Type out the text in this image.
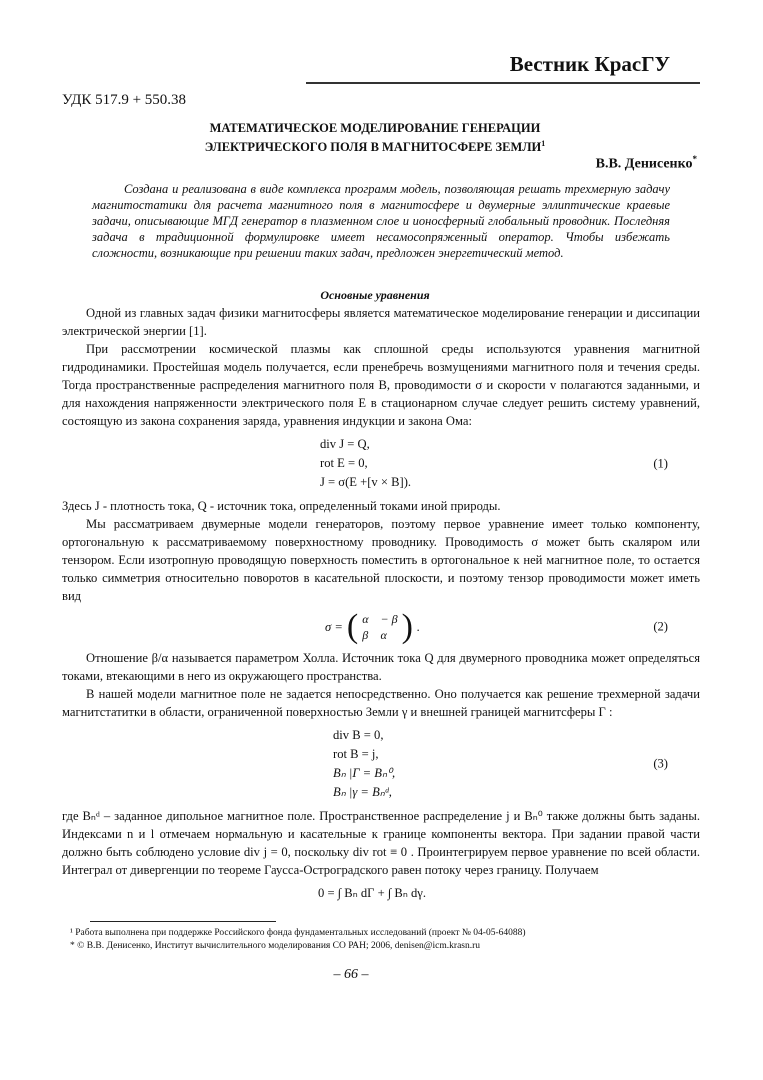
Вестник КрасГУ
УДК 517.9 + 550.38
МАТЕМАТИЧЕСКОЕ МОДЕЛИРОВАНИЕ ГЕНЕРАЦИИ
ЭЛЕКТРИЧЕСКОГО ПОЛЯ В МАГНИТОСФЕРЕ ЗЕМЛИ$^1$
В.В. Денисенко*
Создана и реализована в виде комплекса программ модель, позволяющая решать трехмерную задачу магнитостатики для расчета магнитного поля в магнитосфере и двумерные эллиптические краевые задачи, описывающие МГД генератор в плазменном слое и ионосферный глобальный проводник. Последняя задача в традиционной формулировке имеет несамосопряженный оператор. Чтобы избежать сложности, возникающие при решении таких задач, предложен энергетический метод.
Основные уравнения

Одной из главных задач физики магнитосферы является математическое моделирование генерации и диссипации электрической энергии [1].

При рассмотрении космической плазмы как сплошной среды используются уравнения магнитной гидродинамики. Простейшая модель получается, если пренебречь возмущениями магнитного поля и течения среды. Тогда пространственные распределения магнитного поля B, проводимости σ и скорости v полагаются заданными, и для нахождения напряженности электрического поля E в стационарном случае следует решить систему уравнений, состоящую из закона сохранения заряда, уравнения индукции и закона Ома:

div J = Q,
rot E = 0,
J = σ(E +[v × B]).
(1)

Здесь J - плотность тока, Q - источник тока, определенный токами иной природы.

Мы рассматриваем двумерные модели генераторов, поэтому первое уравнение имеет только компоненту, ортогональную к рассматриваемому поверхностному проводнику. Проводимость σ может быть скаляром или тензором. Если изотропную проводящую поверхность поместить в ортогональное к ней магнитное поле, то остается только симметрия относительно поворотов в касательной плоскости, и поэтому тензор проводимости может иметь вид

σ = ( α − β
β α ) .	(2)

Отношение β/α называется параметром Холла. Источник тока Q для двумерного проводника может определяться токами, втекающими в него из окружающего пространства.

В нашей модели магнитное поле не задается непосредственно. Оно получается как решение трехмерной задачи магнитстатитки в области, ограниченной поверхностью Земли γ и внешней границей магнитсферы Γ :

div B = 0,
rot B = j,
Bₙ |Γ = Bₙ⁰,
Bₙ |γ = Bₙᵈ,
(3)

где Bₙᵈ – заданное дипольное магнитное поле. Пространственное распределение j и Bₙ⁰ также должны быть заданы. Индексами n и l отмечаем нормальную и касательные к границе компоненты вектора. При задании правой части должно быть соблюдено условие div j = 0, поскольку div rot ≡ 0 . Проинтегрируем первое уравнение по всей области. Интеграл от дивергенции по теореме Гаусса-Остроградского равен потоку через границу. Получаем

0 = ∫ Bₙ dΓ + ∫ Bₙ dγ.
¹ Работа выполнена при поддержке Российского фонда фундаментальных исследований (проект № 04-05-64088)
* © В.В. Денисенко, Институт вычислительного моделирования СО РАН; 2006, denisen@icm.krasn.ru
– 66 –
